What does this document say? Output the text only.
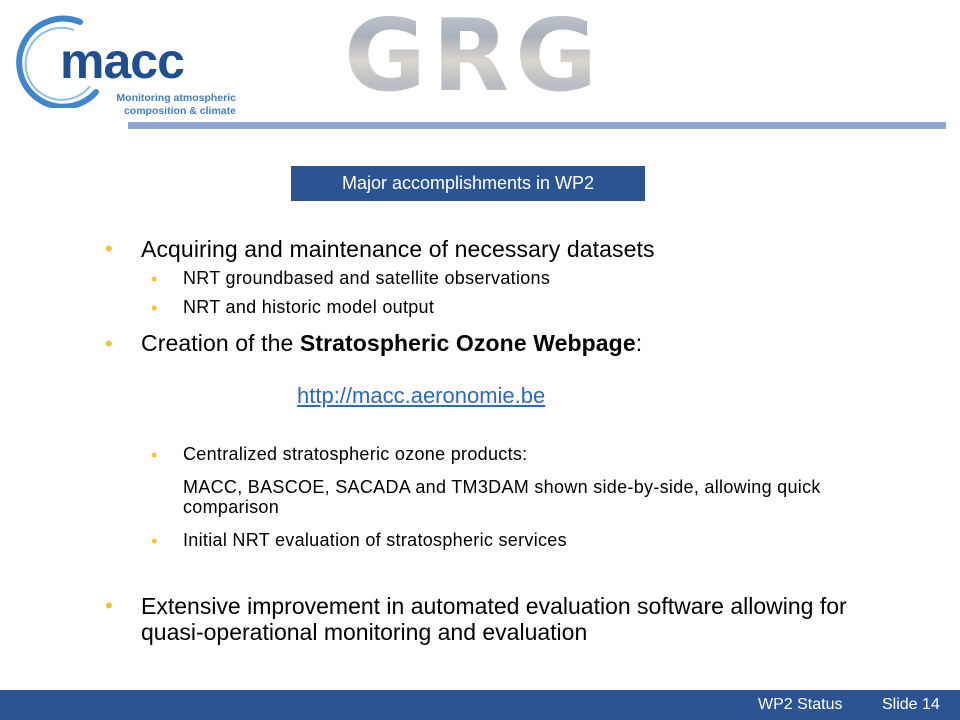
macc
Monitoring atmospheric
composition & climate GRG
Major accomplishments in WP2
• Acquiring and maintenance of necessary datasets
• NRT groundbased and satellite observations
• NRT and historic model output
• Creation of the Stratospheric Ozone Webpage:
http://macc.aeronomie.be
• Centralized stratospheric ozone products:
MACC, BASCOE, SACADA and TM3DAM shown side-by-side, allowing quick comparison
• Initial NRT evaluation of stratospheric services
• Extensive improvement in automated evaluation software allowing for quasi-operational monitoring and evaluation
WP2 Status Slide 14
